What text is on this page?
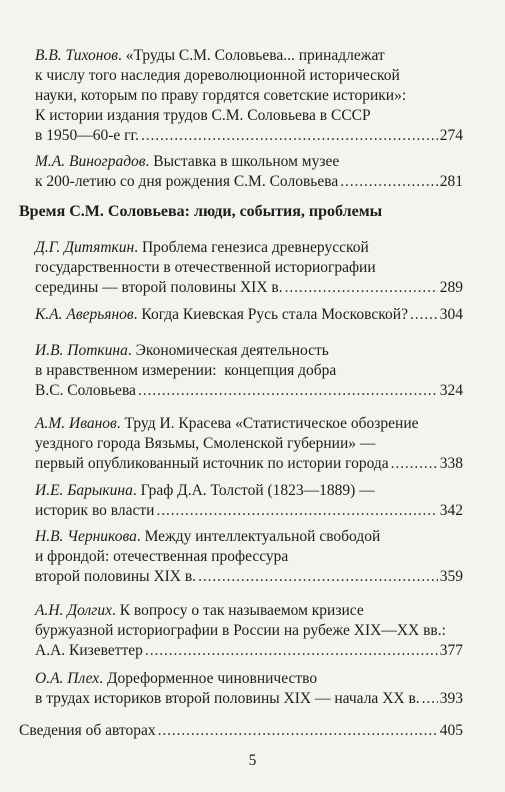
В.В. Тихонов. «Труды С.М. Соловьева... принадлежат
к числу того наследия дореволюционной исторической
науки, которым по праву гордятся советские историки»:
К истории издания трудов С.М. Соловьева в СССР
в 1950—60-е гг. . . .	274
М.А. Виноградов. Выставка в школьном музее
к 200-летию со дня рождения С.М. Соловьева . . .	281
Время С.М. Соловьева: люди, события, проблемы
Д.Г. Дитяткин. Проблема генезиса древнерусской
государственности в отечественной историографии
середины — второй половины XIX в. . . .	289
К.А. Аверьянов. Когда Киевская Русь стала Московской? . . . 304
И.В. Поткина. Экономическая деятельность
в нравственном измерении:  концепция добра
В.С. Соловьева . . .	324
А.М. Иванов. Труд И. Красева «Статистическое обозрение
уездного города Вязьмы, Смоленской губернии» —
первый опубликованный источник по истории города . . .	338
И.Е. Барыкина. Граф Д.А. Толстой (1823—1889) —
историк во власти . . .	342
Н.В. Черникова. Между интеллектуальной свободой
и фрондой: отечественная профессура
второй половины XIX в. . . .	359
А.Н. Долгих. К вопросу о так называемом кризисе
буржуазной историографии в России на рубеже XIX—XX вв.:
А.А. Кизеветтер . . .	377
О.А. Плех. Дореформенное чиновничество
в трудах историков второй половины XIX — начала XX в. . . . 393
Сведения об авторах . . .	405
5
